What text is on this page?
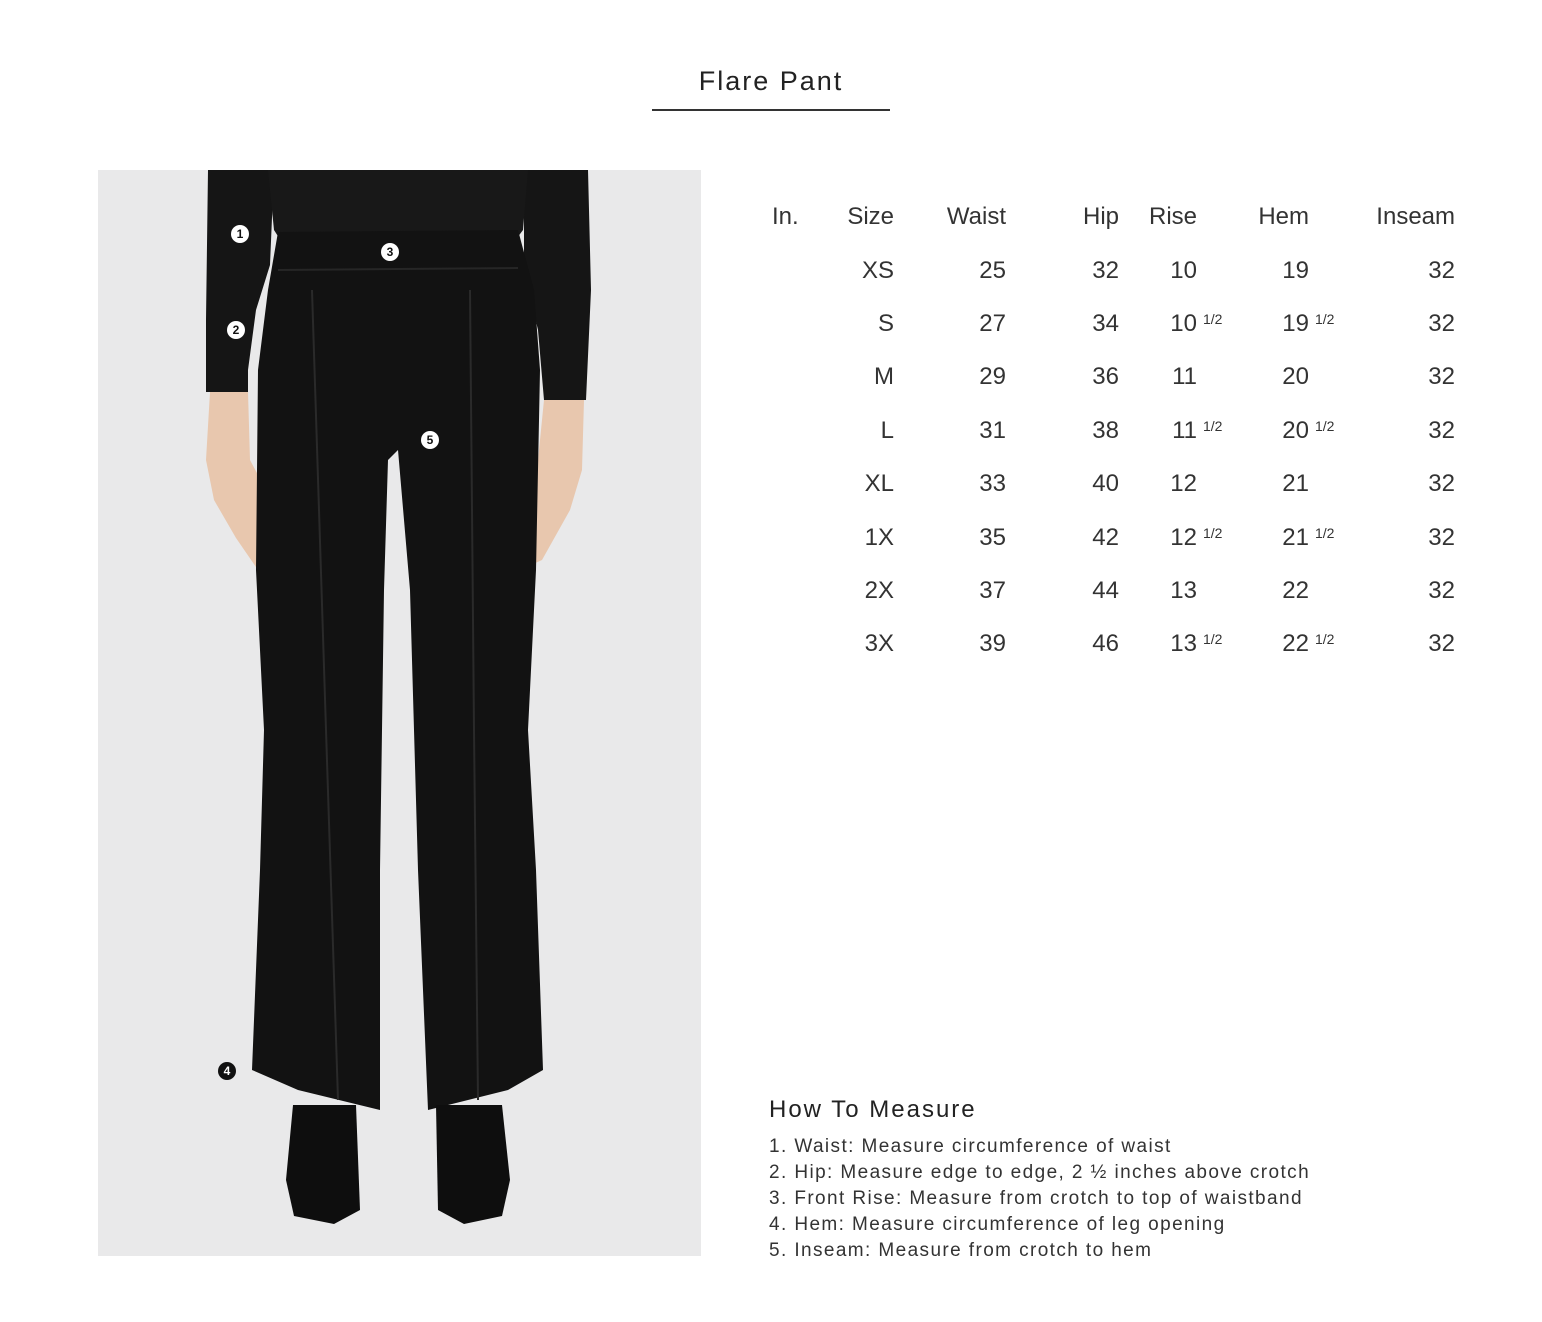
Flare Pant
1
2
3
4
5
In.	Size	Waist	Hip	Rise	Hem	Inseam
	XS	25	32	10	19	32
	S	27	34	10 1/2	19 1/2	32
	M	29	36	11	20	32
	L	31	38	11 1/2	20 1/2	32
	XL	33	40	12	21	32
	1X	35	42	12 1/2	21 1/2	32
	2X	37	44	13	22	32
	3X	39	46	13 1/2	22 1/2	32
How To Measure
1. Waist: Measure circumference of waist
2. Hip: Measure edge to edge, 2 ½ inches above crotch
3. Front Rise: Measure from crotch to top of waistband
4. Hem: Measure circumference of leg opening
5. Inseam: Measure from crotch to hem
